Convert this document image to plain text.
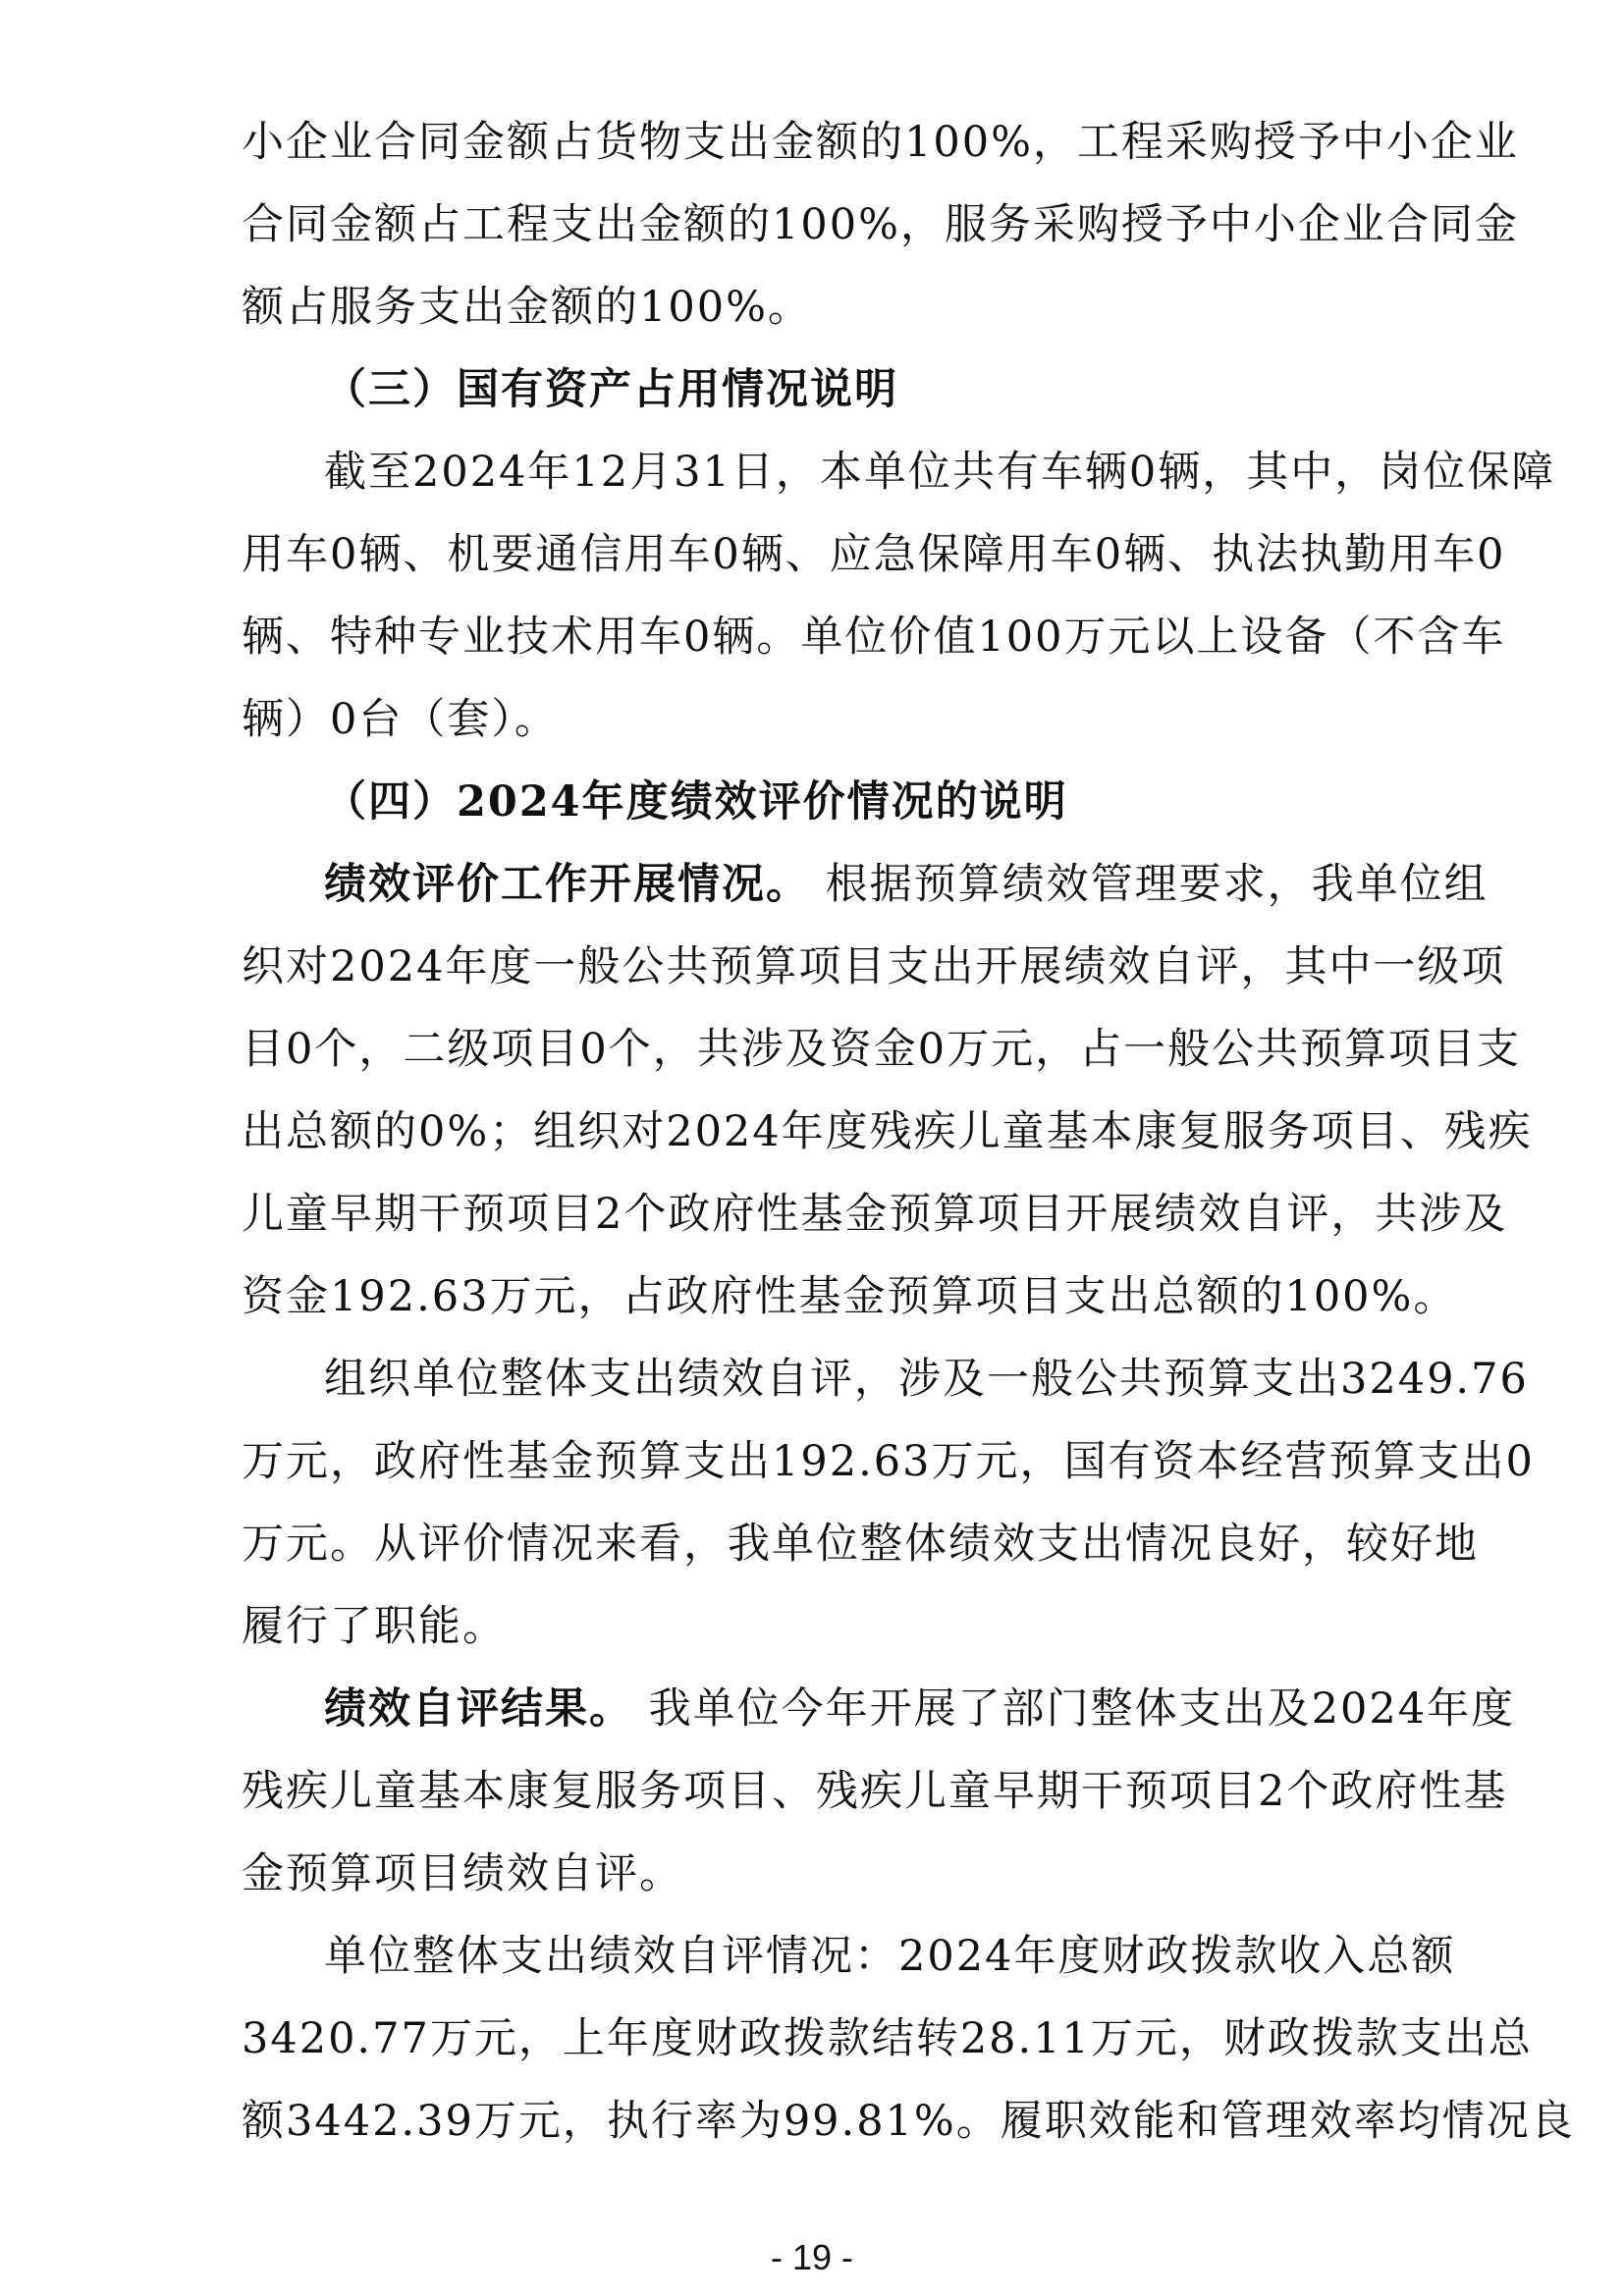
小企业合同金额占货物支出金额的100%，工程采购授予中小企业
合同金额占工程支出金额的100%，服务采购授予中小企业合同金
额占服务支出金额的100%。
（三）国有资产占用情况说明
截至2024年12月31日，本单位共有车辆0辆，其中，岗位保障
用车0辆、机要通信用车0辆、应急保障用车0辆、执法执勤用车0
辆、特种专业技术用车0辆。单位价值100万元以上设备（不含车
辆）0台（套）。
（四）2024年度绩效评价情况的说明
绩效评价工作开展情况。 根据预算绩效管理要求，我单位组
织对2024年度一般公共预算项目支出开展绩效自评，其中一级项
目0个，二级项目0个，共涉及资金0万元，占一般公共预算项目支
出总额的0%；组织对2024年度残疾儿童基本康复服务项目、残疾
儿童早期干预项目2个政府性基金预算项目开展绩效自评，共涉及
资金192.63万元，占政府性基金预算项目支出总额的100%。
组织单位整体支出绩效自评，涉及一般公共预算支出3249.76
万元，政府性基金预算支出192.63万元，国有资本经营预算支出0
万元。从评价情况来看，我单位整体绩效支出情况良好，较好地
履行了职能。
绩效自评结果。 我单位今年开展了部门整体支出及2024年度
残疾儿童基本康复服务项目、残疾儿童早期干预项目2个政府性基
金预算项目绩效自评。
单位整体支出绩效自评情况：2024年度财政拨款收入总额
3420.77万元，上年度财政拨款结转28.11万元，财政拨款支出总
额3442.39万元，执行率为99.81%。履职效能和管理效率均情况良
- 19 -
